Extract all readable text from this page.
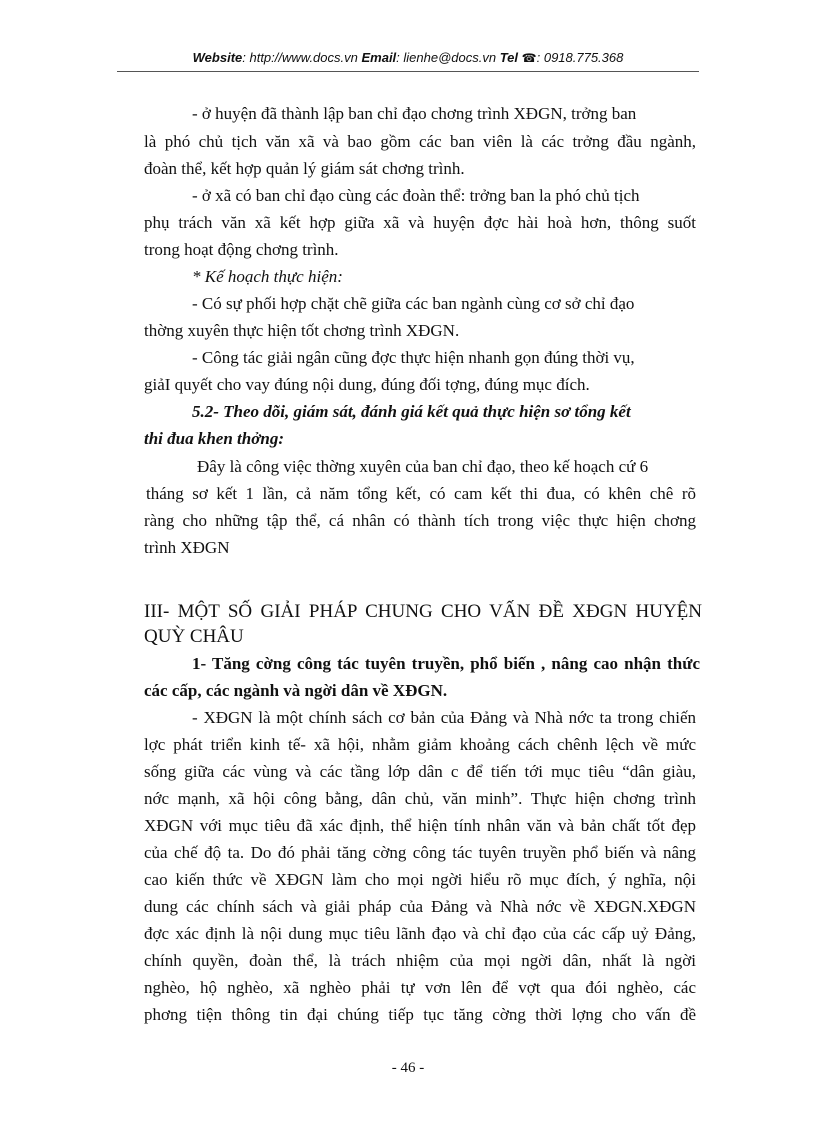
Website: http://www.docs.vn Email: lienhe@docs.vn Tel ☎: 0918.775.368
- ở huyện đã thành lập ban chỉ đạo chơng trình XĐGN, trởng ban
là phó chủ tịch văn xã và bao gồm các ban viên là các trởng đầu ngành,
đoàn thể, kết hợp quản lý giám sát chơng trình.
- ở xã có ban chỉ đạo cùng các đoàn thể: trởng ban la phó chủ tịch
phụ trách văn xã kết hợp giữa xã và huyện đợc hài hoà hơn, thông suốt
trong hoạt động chơng trình.
* Kế hoạch thực hiện:
- Có sự phối hợp chặt chẽ giữa các ban ngành cùng cơ sở chỉ đạo
thờng xuyên thực hiện tốt chơng trình XĐGN.
- Công tác giải ngân cũng đợc thực hiện nhanh gọn đúng thời vụ,
giảI quyết cho vay đúng nội dung, đúng đối tợng, đúng mục đích.
5.2- Theo dõi, giám sát, đánh giá kết quả thực hiện sơ tổng kết
thi đua khen thởng:
Đây là công việc thờng xuyên của ban chỉ đạo, theo kế hoạch cứ 6
tháng sơ kết 1 lần, cả năm tổng kết, có cam kết thi đua, có khên chê rõ
ràng cho những tập thể, cá nhân có thành tích trong việc thực hiện chơng
trình XĐGN
III- MỘT SỐ GIẢI PHÁP CHUNG CHO VẤN ĐỀ XĐGN HUYỆN
QUỲ CHÂU
1- Tăng cờng công tác tuyên truyền, phổ biến , nâng cao nhận thức
các cấp, các ngành và ngời dân về XĐGN.
- XĐGN là một chính sách cơ bản của Đảng và Nhà nớc ta trong chiến
lợc phát triển kinh tế- xã hội, nhằm giảm khoảng cách chênh lệch về mức
sống giữa các vùng và các tầng lớp dân c để tiến tới mục tiêu “dân giàu,
nớc mạnh, xã hội công bằng, dân chủ, văn minh”. Thực hiện chơng trình
XĐGN với mục tiêu đã xác định, thể hiện tính nhân văn và bản chất tốt đẹp
của chế độ ta. Do đó phải tăng cờng công tác tuyên truyền phổ biến và nâng
cao kiến thức về XĐGN làm cho mọi ngời hiểu rõ mục đích, ý nghĩa, nội
dung các chính sách và giải pháp của Đảng và Nhà nớc về XĐGN.XĐGN
đợc xác định là nội dung mục tiêu lãnh đạo và chỉ đạo của các cấp uỷ Đảng,
chính quyền, đoàn thể, là trách nhiệm của mọi ngời dân, nhất là ngời
nghèo, hộ nghèo, xã nghèo phải tự vơn lên để vợt qua đói nghèo, các
phơng tiện thông tin đại chúng tiếp tục tăng cờng thời lợng cho vấn đề
- 46 -
